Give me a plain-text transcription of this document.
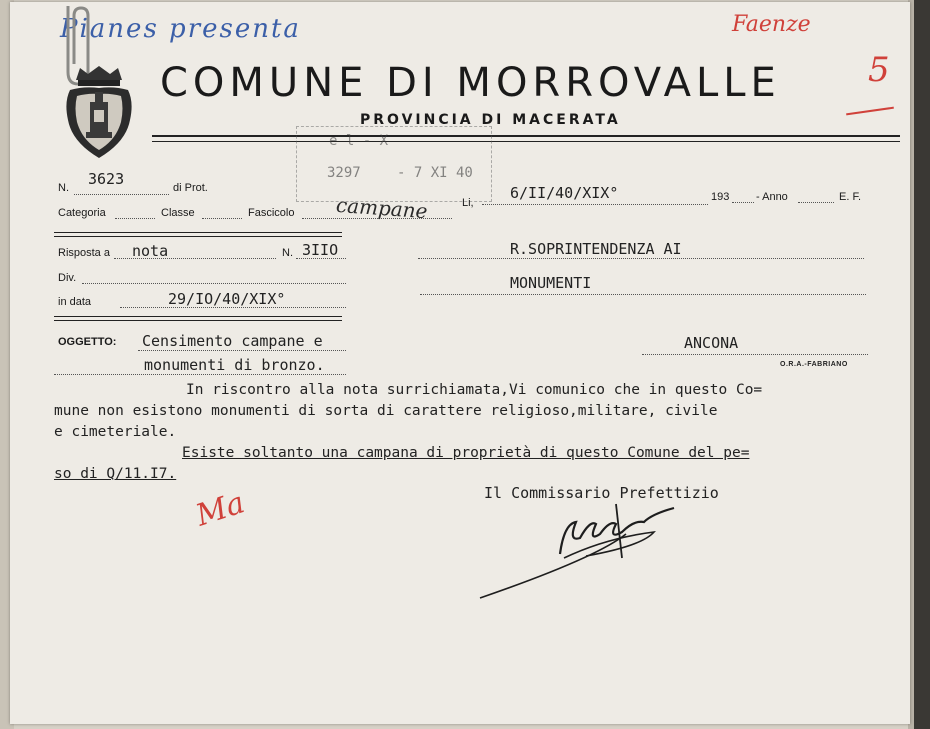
Pianes presenta	Faenze
5
COMUNE DI MORROVALLE
PROVINCIA DI MACERATA
e l - X
3297	- 7 XI 40
N. 3623	di Prot.
Categoria	Classe	Fascicolo campane	Li,
6/II/40/XIX°	193 - Anno	E. F.
Risposta a nota	N. 3IIO
Div.
in data	29/IO/40/XIX°
R.SOPRINTENDENZA AI
MONUMENTI
ANCONA
O.R.A.-FABRIANO
OGGETTO: Censimento campane e
monumenti di bronzo.
In riscontro alla nota surrichiamata,Vi comunico che in questo Co=
mune non esistono monumenti di sorta di carattere religioso,militare, civile
e cimeteriale.
Esiste soltanto una campana di proprietà di questo Comune del pe=
so di Q/11.I7.
Il Commissario Prefettizio
Ma
